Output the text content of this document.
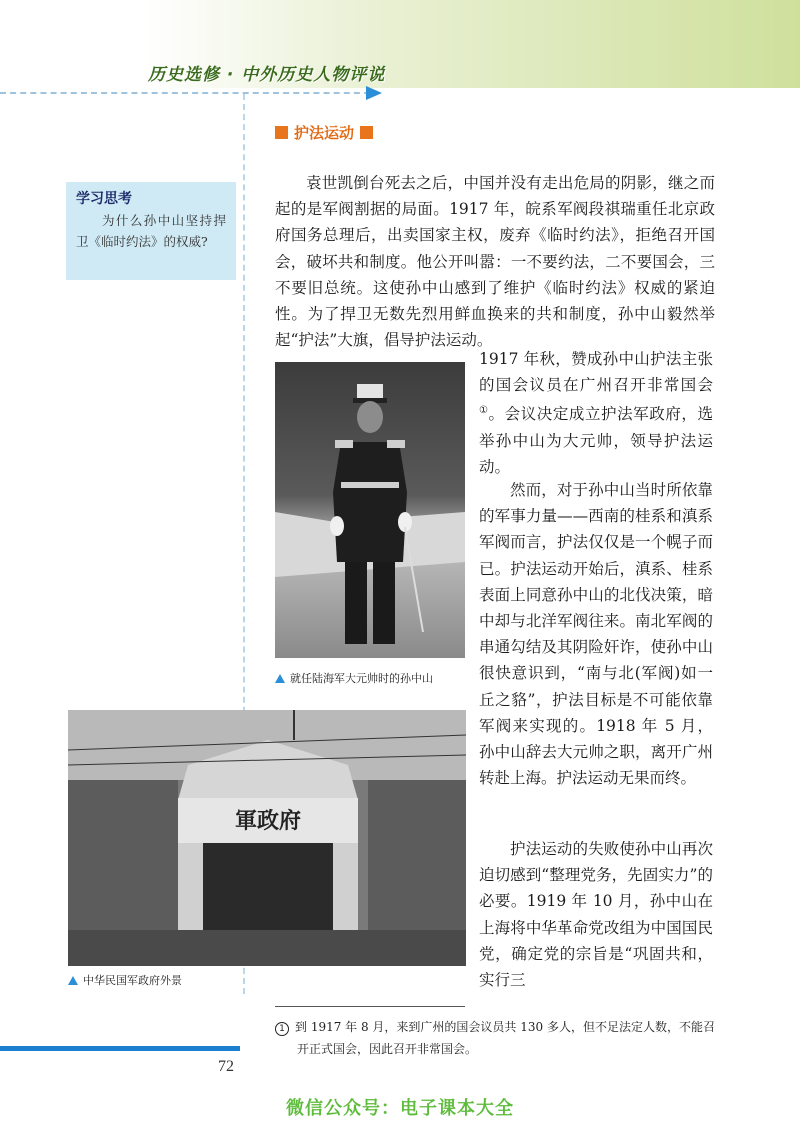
历史选修 · 中外历史人物评说
护法运动
学习思考
为什么孙中山坚持捍卫《临时约法》的权威?
袁世凯倒台死去之后，中国并没有走出危局的阴影，继之而起的是军阀割据的局面。1917 年，皖系军阀段祺瑞重任北京政府国务总理后，出卖国家主权，废弃《临时约法》，拒绝召开国会，破坏共和制度。他公开叫嚣：一不要约法，二不要国会，三不要旧总统。这使孙中山感到了维护《临时约法》权威的紧迫性。为了捍卫无数先烈用鲜血换来的共和制度，孙中山毅然举起“护法”大旗，倡导护法运动。
1917 年秋，赞成孙中山护法主张的国会议员在广州召开非常国会①。会议决定成立护法军政府，选举孙中山为大元帅，领导护法运动。
然而，对于孙中山当时所依靠的军事力量——西南的桂系和滇系军阀而言，护法仅仅是一个幌子而已。护法运动开始后，滇系、桂系表面上同意孙中山的北伐决策，暗中却与北洋军阀往来。南北军阀的串通勾结及其阴险奸诈，使孙中山很快意识到，“南与北(军阀)如一丘之貉”，护法目标是不可能依靠军阀来实现的。1918 年 5 月，孙中山辞去大元帅之职，离开广州转赴上海。护法运动无果而终。
护法运动的失败使孙中山再次迫切感到“整理党务，先固实力”的必要。1919 年 10 月，孙中山在上海将中华革命党改组为中国国民党，确定党的宗旨是“巩固共和，实行三
就任陆海军大元帅时的孙中山
軍政府
中华民国军政府外景
1 到 1917 年 8 月，来到广州的国会议员共 130 多人，但不足法定人数，不能召
开正式国会，因此召开非常国会。
72
微信公众号：电子课本大全
